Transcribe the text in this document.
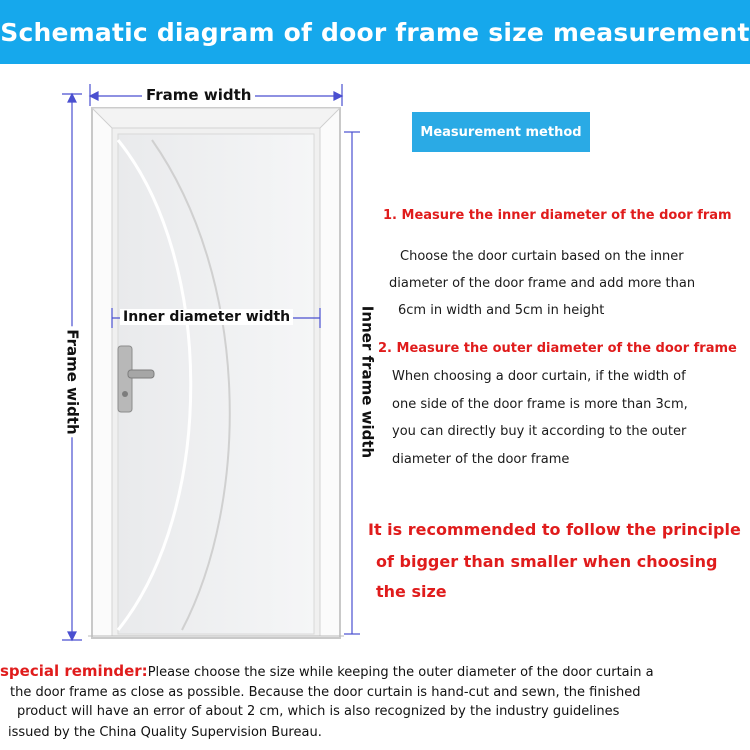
Schematic diagram of door frame size measurement
Frame width
Inner diameter width
Frame width	Inner frame width
Measurement method
1. Measure the inner diameter of the door fram
Choose the door curtain based on the inner
diameter of the door frame and add more than
6cm in width and 5cm in height
2. Measure the outer diameter of the door frame
When choosing a door curtain, if the width of
one side of the door frame is more than 3cm,
you can directly buy it according to the outer
diameter of the door frame
It is recommended to follow the principle
of bigger than smaller when choosing
the size
special reminder:Please choose the size while keeping the outer diameter of the door curtain a
the door frame as close as possible. Because the door curtain is hand-cut and sewn, the finished
product will have an error of about 2 cm, which is also recognized by the industry guidelines
issued by the China Quality Supervision Bureau.
